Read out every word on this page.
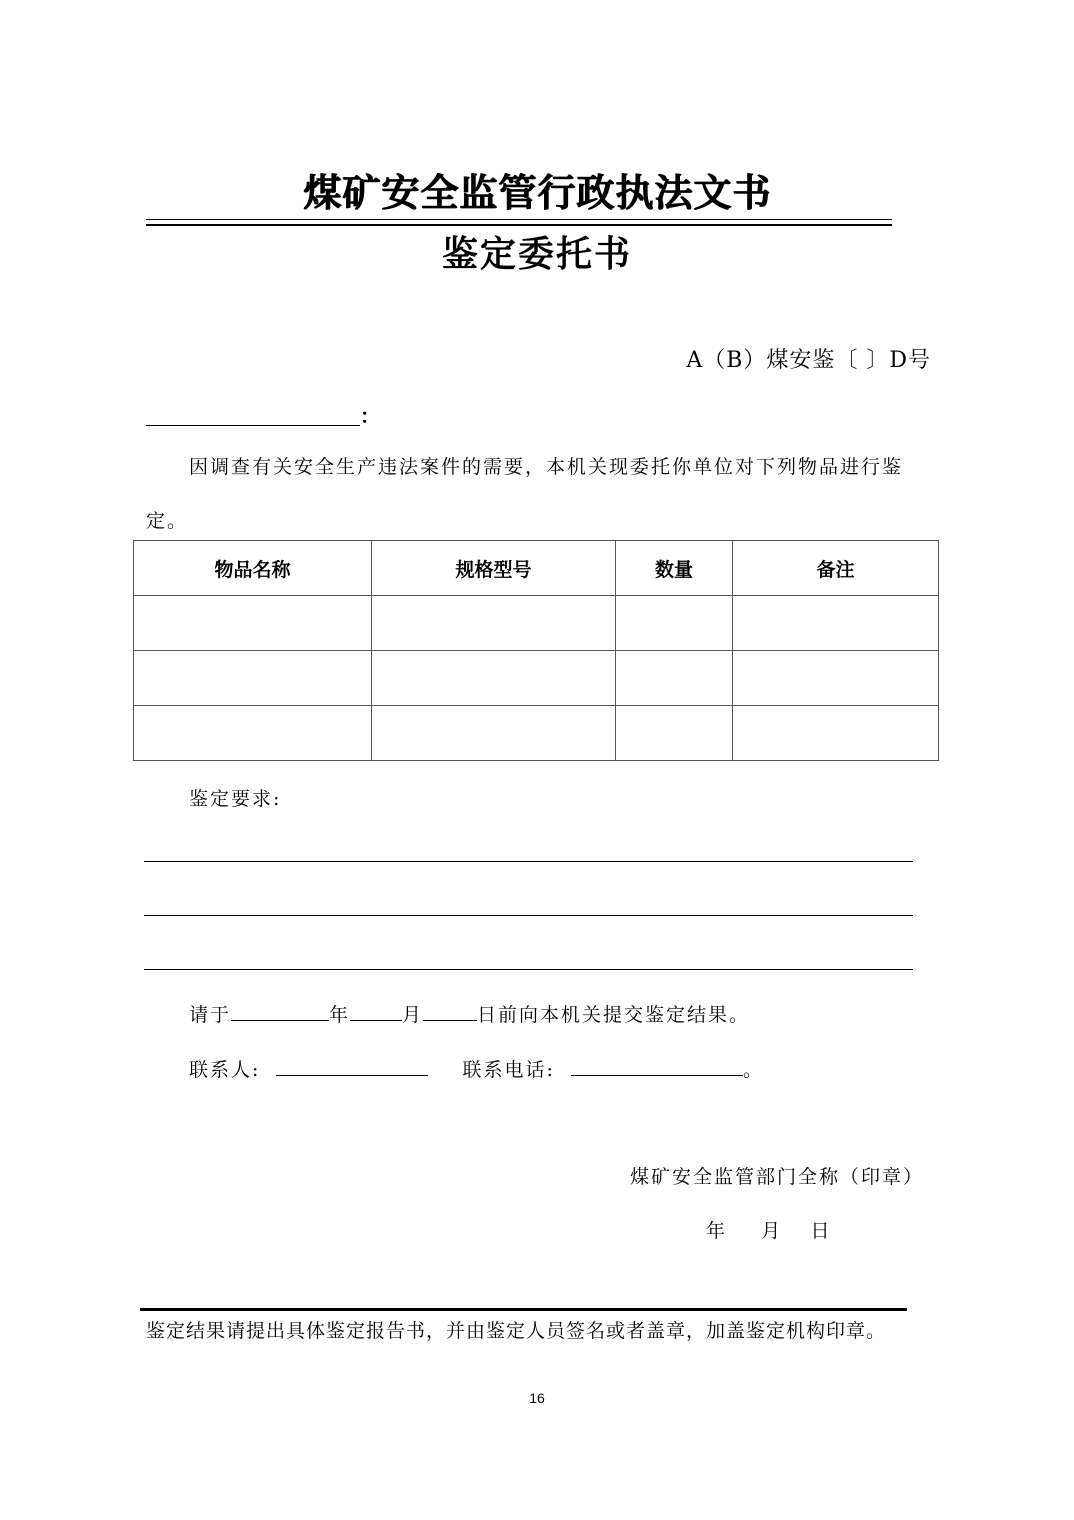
煤矿安全监管行政执法文书
鉴定委托书
A（B）煤安鉴〔 〕D号
：
因调查有关安全生产违法案件的需要，本机关现委托你单位对下列物品进行鉴
定。
物品名称	规格型号	数量	备注

鉴定要求:
请于	年	月	日前向本机关提交鉴定结果。
联系人:	联系电话:	。
煤矿安全监管部门全称（印章）
年 月 日
鉴定结果请提出具体鉴定报告书，并由鉴定人员签名或者盖章，加盖鉴定机构印章。
16
